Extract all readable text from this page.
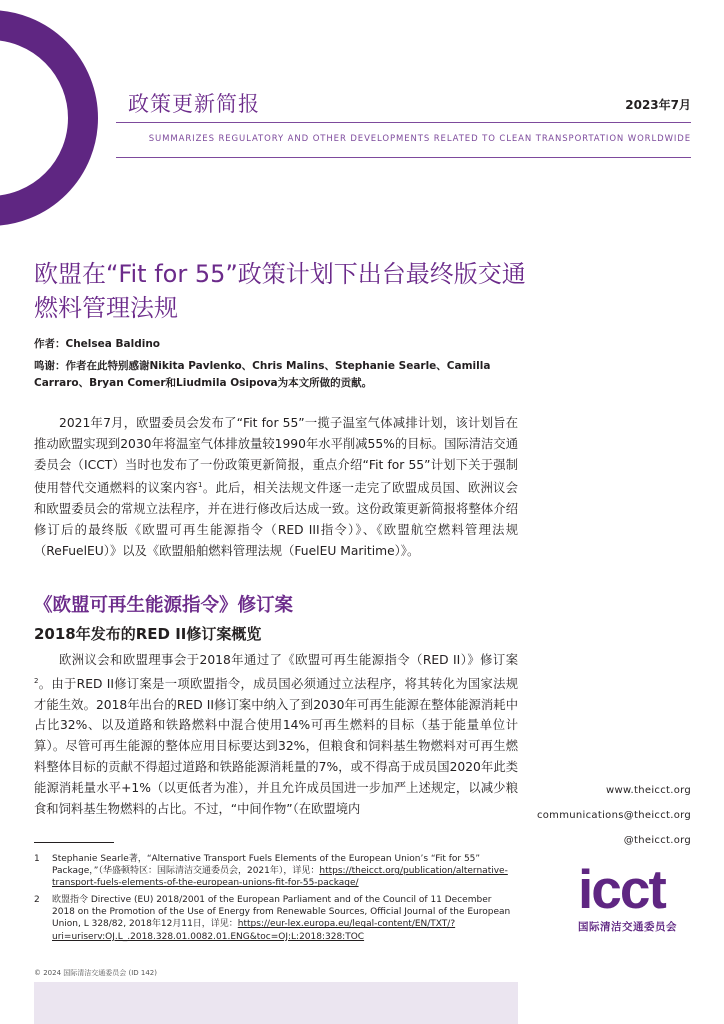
政策更新简报	2023年7月
SUMMARIZES REGULATORY AND OTHER DEVELOPMENTS RELATED TO CLEAN TRANSPORTATION WORLDWIDE
欧盟在“Fit for 55”政策计划下出台最终版交通燃料管理法规
作者：Chelsea Baldino
鸣谢：作者在此特别感谢Nikita Pavlenko、Chris Malins、Stephanie Searle、Camilla Carraro、Bryan Comer和Liudmila Osipova为本文所做的贡献。

2021年7月，欧盟委员会发布了“Fit for 55”一揽子温室气体减排计划，该计划旨在推动欧盟实现到2030年将温室气体排放量较1990年水平削减55%的目标。国际清洁交通委员会（ICCT）当时也发布了一份政策更新简报，重点介绍“Fit for 55”计划下关于强制使用替代交通燃料的议案内容$^1$。此后，相关法规文件逐一走完了欧盟成员国、欧洲议会和欧盟委员会的常规立法程序，并在进行修改后达成一致。这份政策更新简报将整体介绍修订后的最终版《欧盟可再生能源指令（RED III指令）》、《欧盟航空燃料管理法规（ReFuelEU）》以及《欧盟船舶燃料管理法规（FuelEU Maritime）》。

《欧盟可再生能源指令》修订案
2018年发布的RED II修订案概览

欧洲议会和欧盟理事会于2018年通过了《欧盟可再生能源指令（RED II）》修订案$^2$。由于RED II修订案是一项欧盟指令，成员国必须通过立法程序，将其转化为国家法规才能生效。2018年出台的RED II修订案中纳入了到2030年可再生能源在整体能源消耗中占比32%、以及道路和铁路燃料中混合使用14%可再生燃料的目标（基于能量单位计算）。尽管可再生能源的整体应用目标要达到32%，但粮食和饲料基生物燃料对可再生燃料整体目标的贡献不得超过道路和铁路能源消耗量的7%，或不得高于成员国2020年此类能源消耗量水平+1%（以更低者为准），并且允许成员国进一步加严上述规定，以减少粮食和饲料基生物燃料的占比。不过，“中间作物”（在欧盟境内

www.theicct.org
communications@theicct.org
@theicct.org
icct
国际清洁交通委员会
1 Stephanie Searle著，“Alternative Transport Fuels Elements of the European Union’s “Fit for 55” Package，”（华盛顿特区：国际清洁交通委员会，2021年），详见：https://theicct.org/publication/alternative-transport-fuels-elements-of-the-european-unions-fit-for-55-package/
2 欧盟指令 Directive (EU) 2018/2001 of the European Parliament and of the Council of 11 December 2018 on the Promotion of the Use of Energy from Renewable Sources, Official Journal of the European Union, L 328/82, 2018年12月11日，详见：https://eur-lex.europa.eu/legal-content/EN/TXT/?uri=uriserv:OJ.L_.2018.328.01.0082.01.ENG&toc=OJ:L:2018:328:TOC
© 2024 国际清洁交通委员会 (ID 142)
